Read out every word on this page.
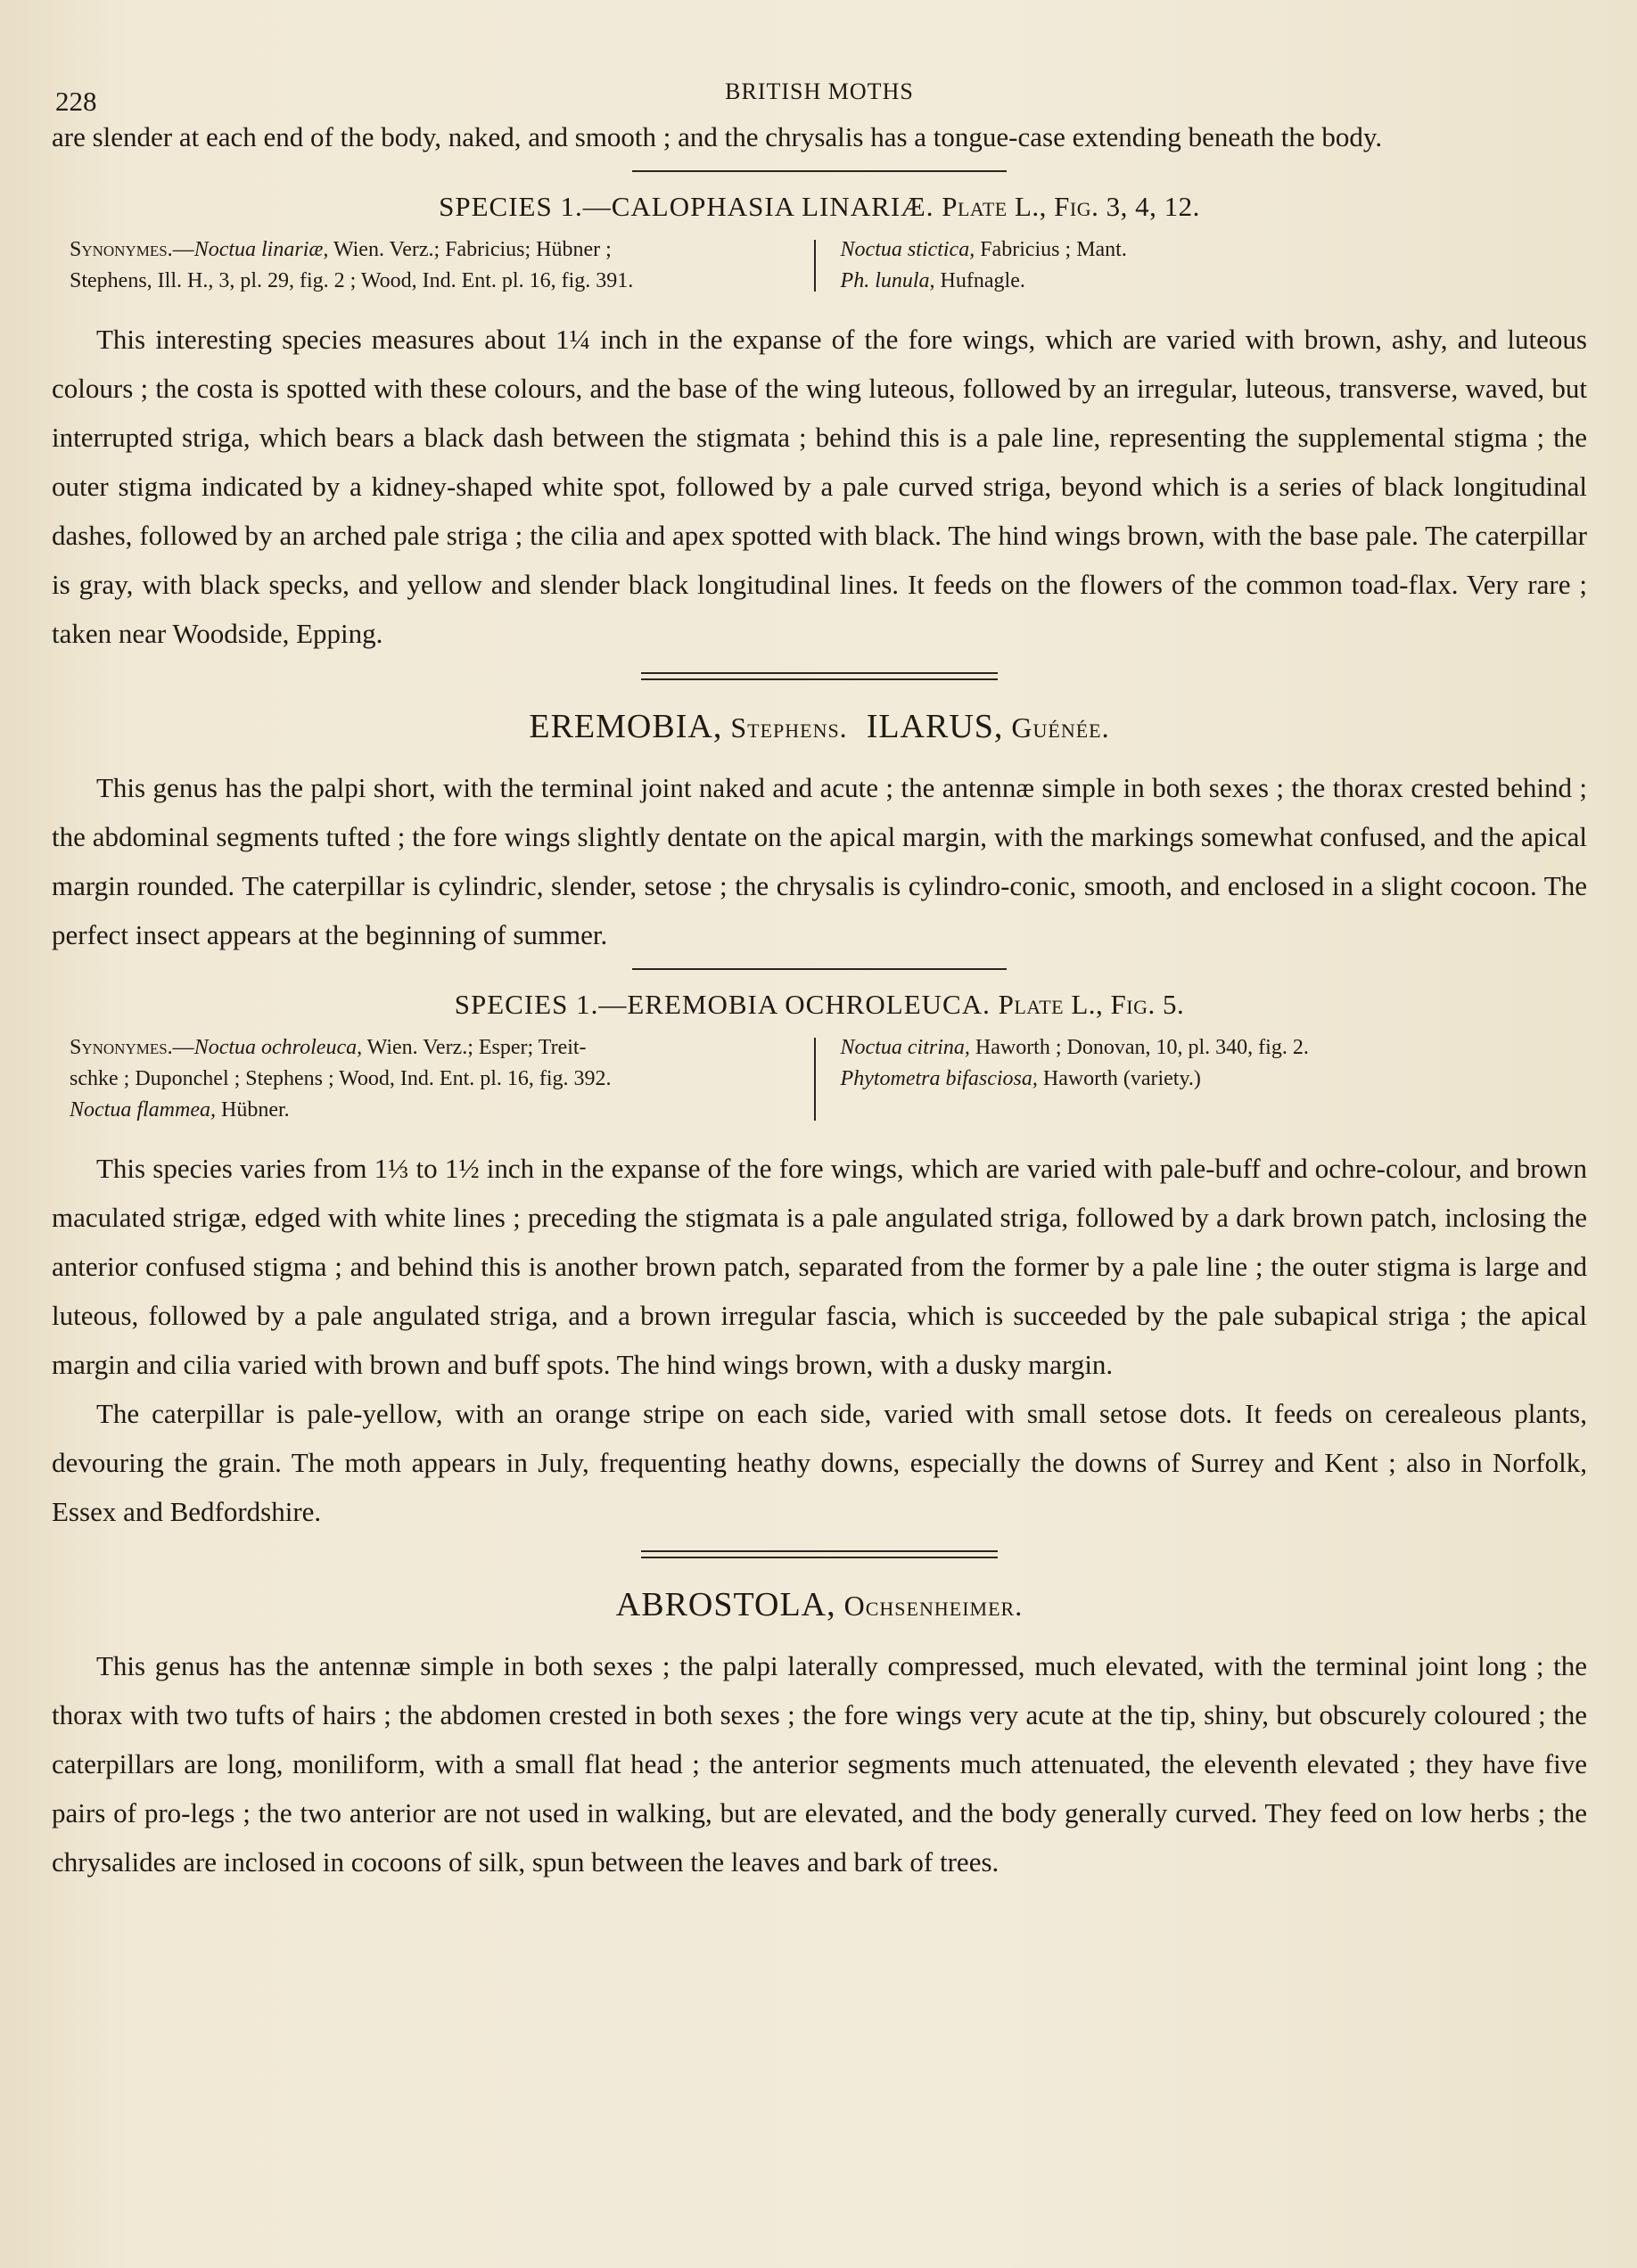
228	BRITISH MOTHS

are slender at each end of the body, naked, and smooth ; and the chrysalis has a tongue-case extending beneath the body.

SPECIES 1.—CALOPHASIA LINARIÆ. Plate L., Fig. 3, 4, 12.
Synonymes.—Noctua linariæ, Wien. Verz.; Fabricius; Hübner ;
Stephens, Ill. H., 3, pl. 29, fig. 2 ; Wood, Ind. Ent. pl. 16, fig. 391.
Noctua stictica, Fabricius ; Mant.
Ph. lunula, Hufnagle.

This interesting species measures about 1¼ inch in the expanse of the fore wings, which are varied with brown, ashy, and luteous colours ; the costa is spotted with these colours, and the base of the wing luteous, followed by an irregular, luteous, transverse, waved, but interrupted striga, which bears a black dash between the stigmata ; behind this is a pale line, representing the supplemental stigma ; the outer stigma indicated by a kidney-shaped white spot, followed by a pale curved striga, beyond which is a series of black longitudinal dashes, followed by an arched pale striga ; the cilia and apex spotted with black. The hind wings brown, with the base pale. The caterpillar is gray, with black specks, and yellow and slender black longitudinal lines. It feeds on the flowers of the common toad-flax. Very rare ; taken near Woodside, Epping.

EREMOBIA, Stephens. ILARUS, Guénée.

This genus has the palpi short, with the terminal joint naked and acute ; the antennæ simple in both sexes ; the thorax crested behind ; the abdominal segments tufted ; the fore wings slightly dentate on the apical margin, with the markings somewhat confused, and the apical margin rounded. The caterpillar is cylindric, slender, setose ; the chrysalis is cylindro-conic, smooth, and enclosed in a slight cocoon. The perfect insect appears at the beginning of summer.

SPECIES 1.—EREMOBIA OCHROLEUCA. Plate L., Fig. 5.
Synonymes.—Noctua ochroleuca, Wien. Verz.; Esper; Treit-
schke ; Duponchel ; Stephens ; Wood, Ind. Ent. pl. 16, fig. 392.
Noctua flammea, Hübner.
Noctua citrina, Haworth ; Donovan, 10, pl. 340, fig. 2.
Phytometra bifasciosa, Haworth (variety.)

This species varies from 1⅓ to 1½ inch in the expanse of the fore wings, which are varied with pale-buff and ochre-colour, and brown maculated strigæ, edged with white lines ; preceding the stigmata is a pale angulated striga, followed by a dark brown patch, inclosing the anterior confused stigma ; and behind this is another brown patch, separated from the former by a pale line ; the outer stigma is large and luteous, followed by a pale angulated striga, and a brown irregular fascia, which is succeeded by the pale subapical striga ; the apical margin and cilia varied with brown and buff spots. The hind wings brown, with a dusky margin.

The caterpillar is pale-yellow, with an orange stripe on each side, varied with small setose dots. It feeds on cerealeous plants, devouring the grain. The moth appears in July, frequenting heathy downs, especially the downs of Surrey and Kent ; also in Norfolk, Essex and Bedfordshire.

ABROSTOLA, Ochsenheimer.

This genus has the antennæ simple in both sexes ; the palpi laterally compressed, much elevated, with the terminal joint long ; the thorax with two tufts of hairs ; the abdomen crested in both sexes ; the fore wings very acute at the tip, shiny, but obscurely coloured ; the caterpillars are long, moniliform, with a small flat head ; the anterior segments much attenuated, the eleventh elevated ; they have five pairs of pro-legs ; the two anterior are not used in walking, but are elevated, and the body generally curved. They feed on low herbs ; the chrysalides are inclosed in cocoons of silk, spun between the leaves and bark of trees.
